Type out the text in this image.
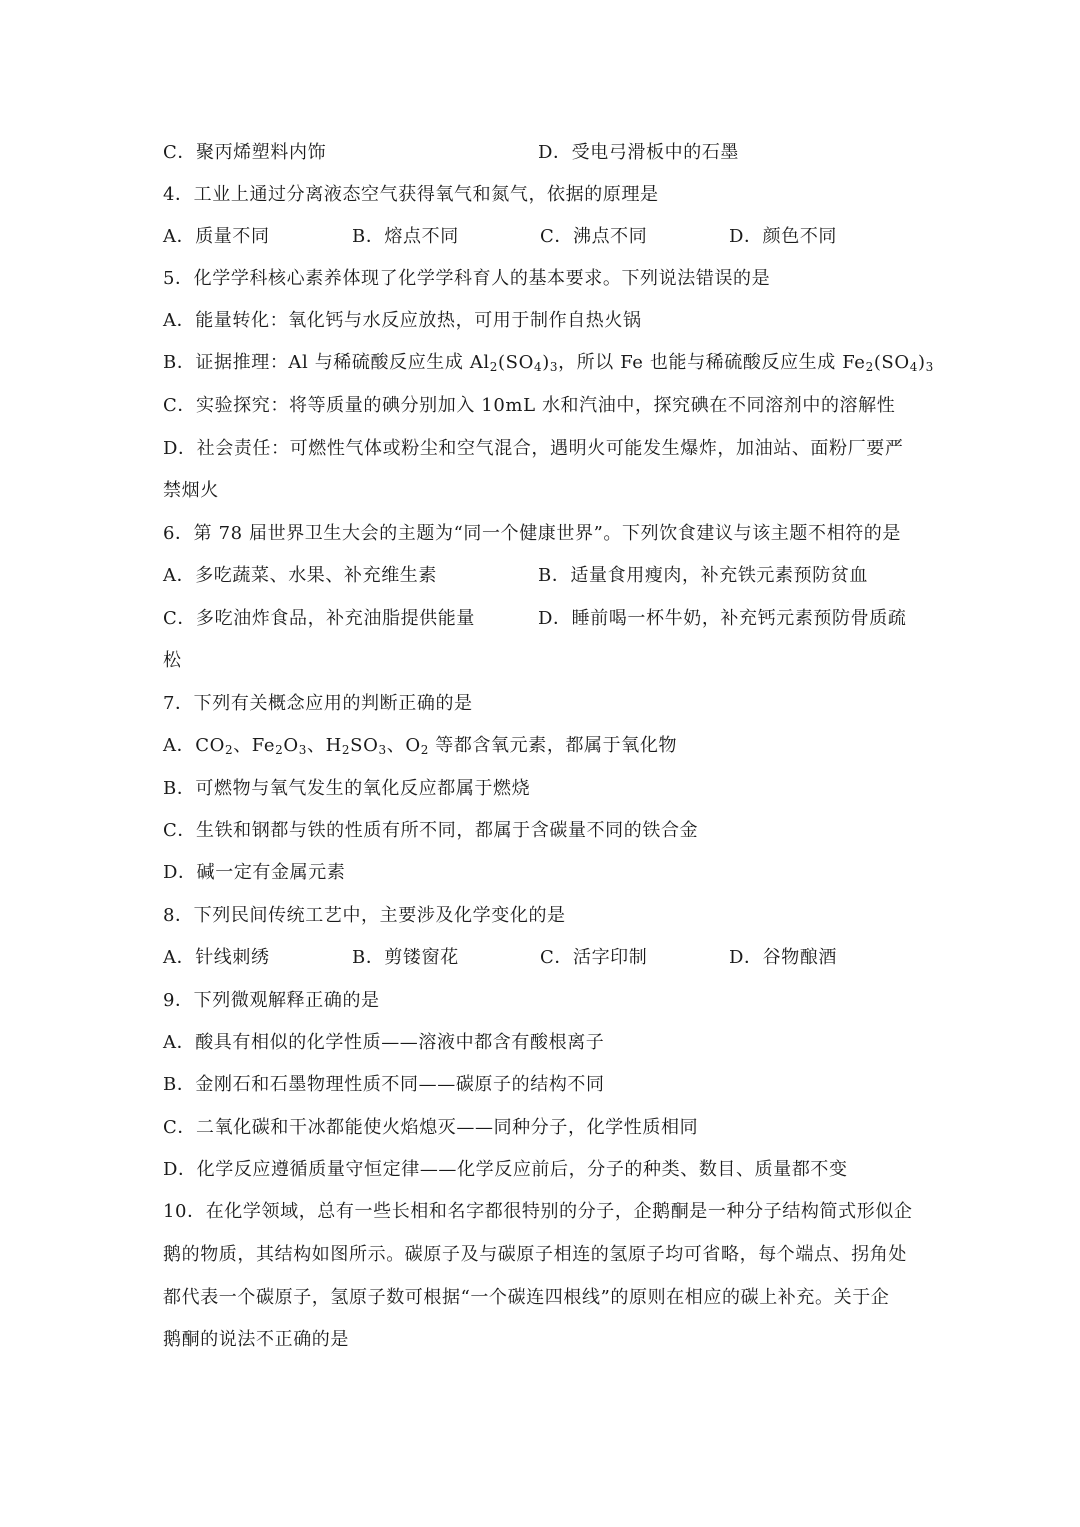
C．聚丙烯塑料内饰	D．受电弓滑板中的石墨
4．工业上通过分离液态空气获得氧气和氮气，依据的原理是
A．质量不同	B．熔点不同	C．沸点不同	D．颜色不同
5．化学学科核心素养体现了化学学科育人的基本要求。下列说法错误的是
A．能量转化：氧化钙与水反应放热，可用于制作自热火锅
B．证据推理：Al 与稀硫酸反应生成 $Al_2(SO_4)_3$，所以 Fe 也能与稀硫酸反应生成 $Fe_2(SO_4)_3$
C．实验探究：将等质量的碘分别加入 10mL 水和汽油中，探究碘在不同溶剂中的溶解性
D．社会责任：可燃性气体或粉尘和空气混合，遇明火可能发生爆炸，加油站、面粉厂要严
禁烟火
6．第 78 届世界卫生大会的主题为“同一个健康世界”。下列饮食建议与该主题不相符的是
A．多吃蔬菜、水果、补充维生素	B．适量食用瘦肉，补充铁元素预防贫血
C．多吃油炸食品，补充油脂提供能量	D．睡前喝一杯牛奶，补充钙元素预防骨质疏
松
7．下列有关概念应用的判断正确的是
A．$CO_2$、$Fe_2O_3$、$H_2SO_3$、$O_2$ 等都含氧元素，都属于氧化物
B．可燃物与氧气发生的氧化反应都属于燃烧
C．生铁和钢都与铁的性质有所不同，都属于含碳量不同的铁合金
D．碱一定有金属元素
8．下列民间传统工艺中，主要涉及化学变化的是
A．针线刺绣	B．剪镂窗花	C．活字印制	D．谷物酿酒
9．下列微观解释正确的是
A．酸具有相似的化学性质——溶液中都含有酸根离子
B．金刚石和石墨物理性质不同——碳原子的结构不同
C．二氧化碳和干冰都能使火焰熄灭——同种分子，化学性质相同
D．化学反应遵循质量守恒定律——化学反应前后，分子的种类、数目、质量都不变
10．在化学领域，总有一些长相和名字都很特别的分子，企鹅酮是一种分子结构简式形似企
鹅的物质，其结构如图所示。碳原子及与碳原子相连的氢原子均可省略，每个端点、拐角处
都代表一个碳原子，氢原子数可根据“一个碳连四根线”的原则在相应的碳上补充。关于企
鹅酮的说法不正确的是
